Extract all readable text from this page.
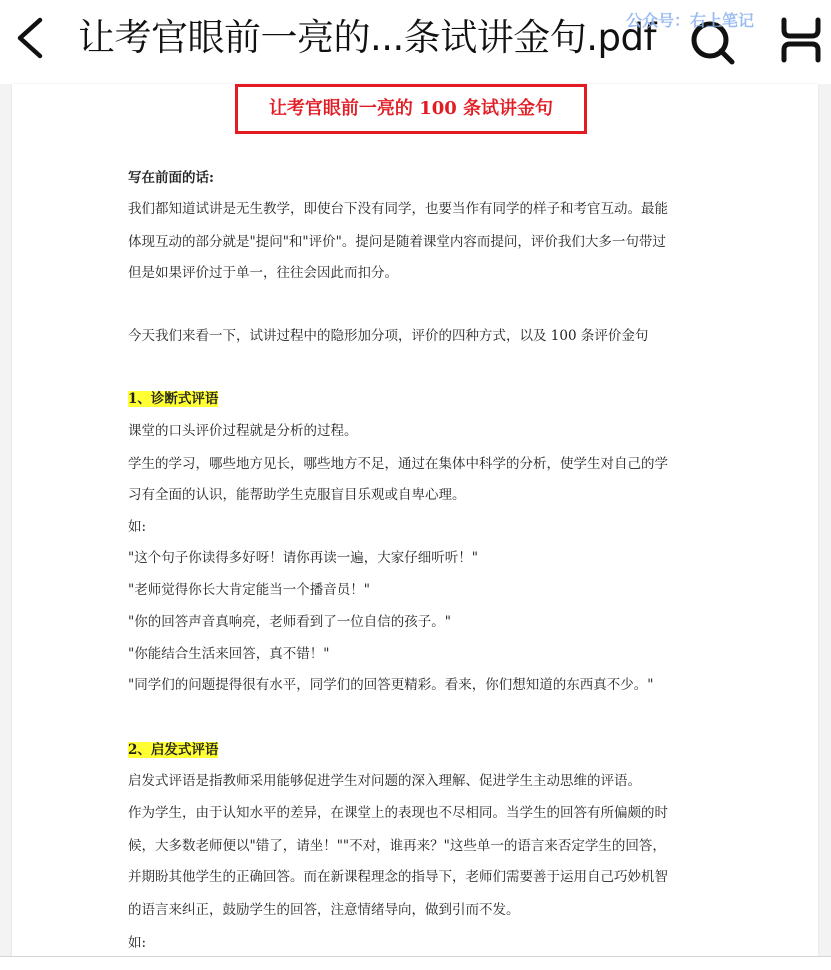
让考官眼前一亮的...条试讲金句.pdf
公众号：右上笔记
让考官眼前一亮的 100 条试讲金句
写在前面的话:
我们都知道试讲是无生教学，即使台下没有同学，也要当作有同学的样子和考官互动。最能
体现互动的部分就是"提问"和"评价"。提问是随着课堂内容而提问，评价我们大多一句带过
但是如果评价过于单一，往往会因此而扣分。
今天我们来看一下，试讲过程中的隐形加分项，评价的四种方式，以及 100 条评价金句
1、诊断式评语
课堂的口头评价过程就是分析的过程。
学生的学习，哪些地方见长，哪些地方不足，通过在集体中科学的分析，使学生对自己的学
习有全面的认识，能帮助学生克服盲目乐观或自卑心理。
如:
"这个句子你读得多好呀！请你再读一遍，大家仔细听听！"
"老师觉得你长大肯定能当一个播音员！"
"你的回答声音真响亮，老师看到了一位自信的孩子。"
"你能结合生活来回答，真不错！"
"同学们的问题提得很有水平，同学们的回答更精彩。看来，你们想知道的东西真不少。"
2、启发式评语
启发式评语是指教师采用能够促进学生对问题的深入理解、促进学生主动思维的评语。
作为学生，由于认知水平的差异，在课堂上的表现也不尽相同。当学生的回答有所偏颇的时
候，大多数老师便以"错了，请坐！""不对，谁再来？"这些单一的语言来否定学生的回答，
并期盼其他学生的正确回答。而在新课程理念的指导下，老师们需要善于运用自己巧妙机智
的语言来纠正，鼓励学生的回答，注意情绪导向，做到引而不发。
如:
